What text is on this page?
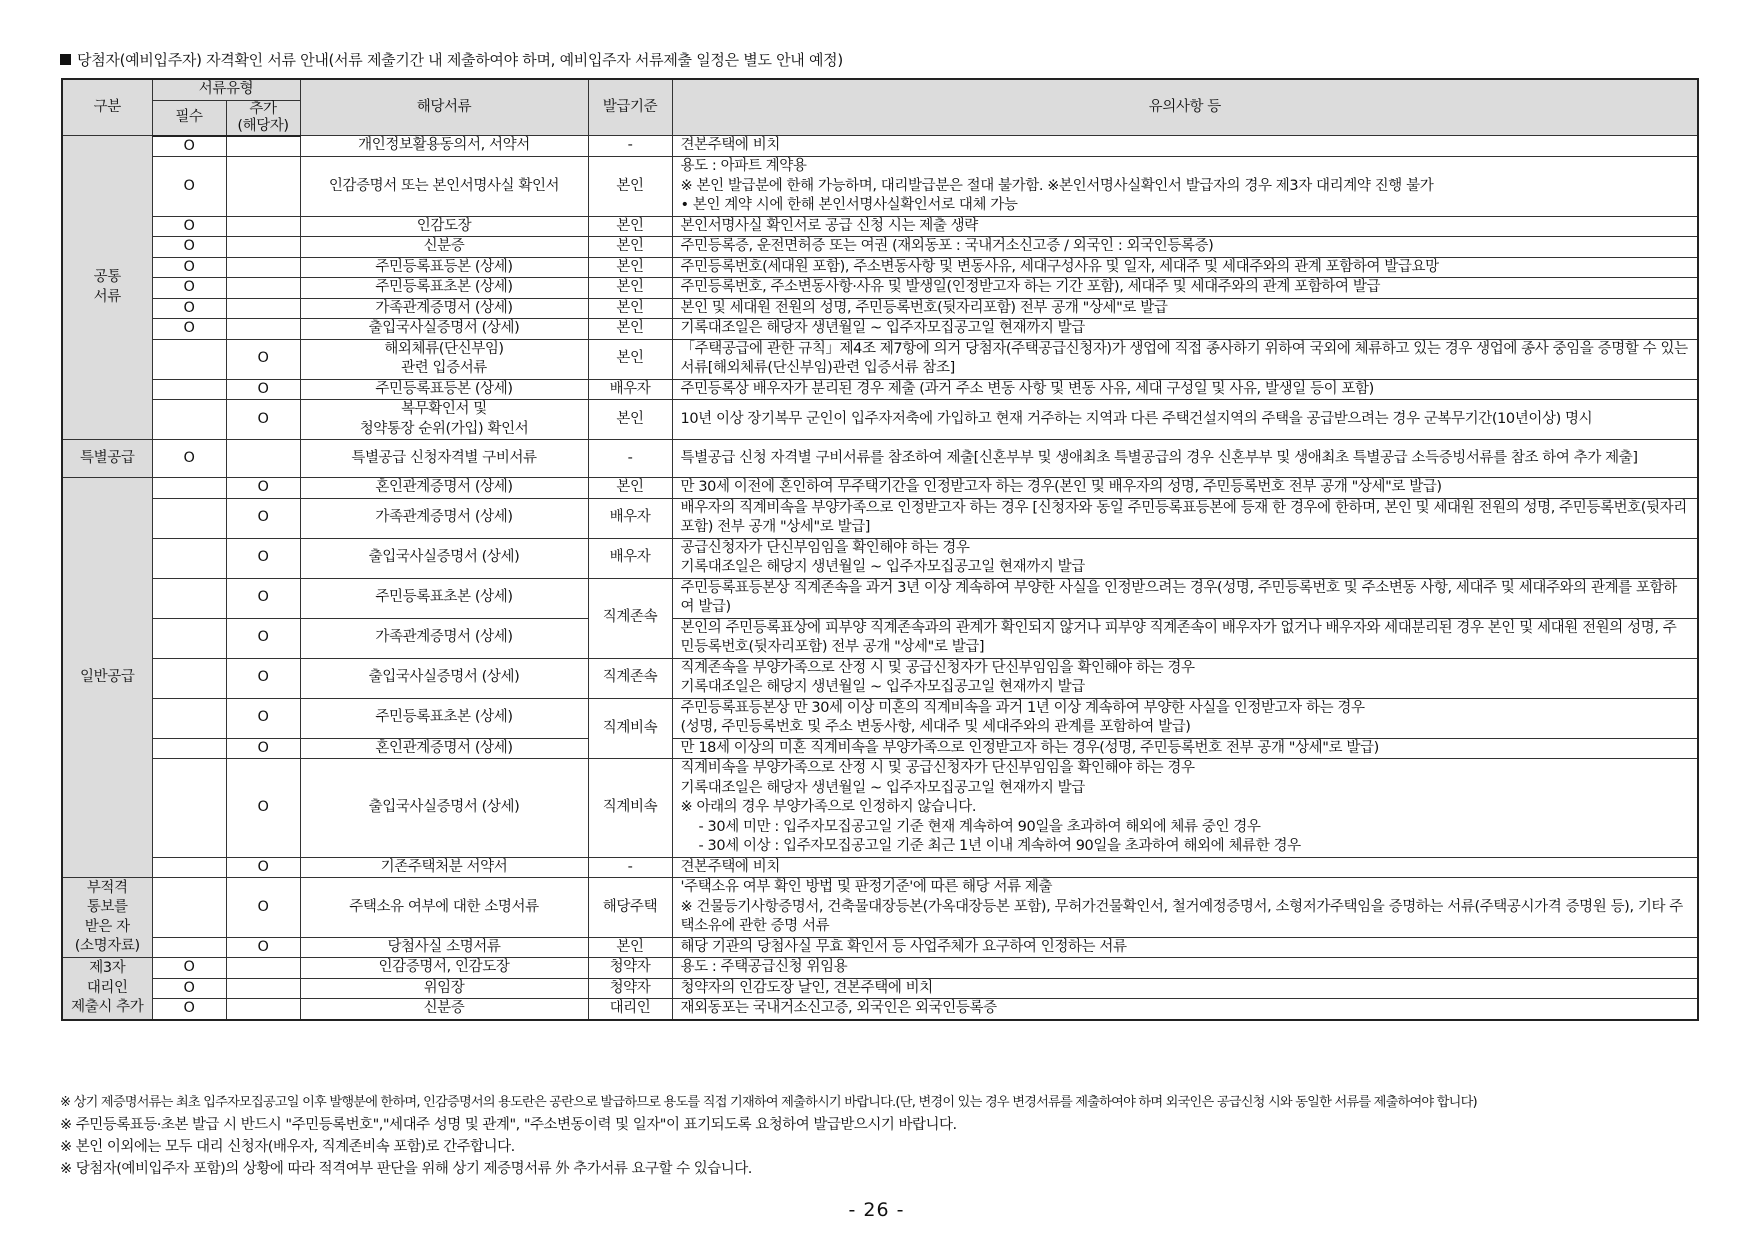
당첨자(예비입주자) 자격확인 서류 안내(서류 제출기간 내 제출하여야 하며, 예비입주자 서류제출 일정은 별도 안내 예정)
구분	서류유형		해당서류	발급기준	유의사항 등
	필수	추가
(해당자)			
공통
서류	O		개인정보활용동의서, 서약서	-	견본주택에 비치

	O		인감증명서 또는 본인서명사실 확인서	본인	용도 : 아파트 계약용
※ 본인 발급분에 한해 가능하며, 대리발급분은 절대 불가함. ※본인서명사실확인서 발급자의 경우 제3자 대리계약 진행 불가
• 본인 계약 시에 한해 본인서명사실확인서로 대체 가능

	O		인감도장	본인	본인서명사실 확인서로 공급 신청 시는 제출 생략

	O		신분증	본인	주민등록증, 운전면허증 또는 여권 (재외동포 : 국내거소신고증 / 외국인 : 외국인등록증)

	O		주민등록표등본 (상세)	본인	주민등록번호(세대원 포함), 주소변동사항 및 변동사유, 세대구성사유 및 일자, 세대주 및 세대주와의 관계 포함하여 발급요망

	O		주민등록표초본 (상세)	본인	주민등록번호, 주소변동사항·사유 및 발생일(인정받고자 하는 기간 포함), 세대주 및 세대주와의 관계 포함하여 발급

	O		가족관계증명서 (상세)	본인	본인 및 세대원 전원의 성명, 주민등록번호(뒷자리포함) 전부 공개 "상세"로 발급

	O		출입국사실증명서 (상세)	본인	기록대조일은 해당자 생년월일 ~ 입주자모집공고일 현재까지 발급

		O	해외체류(단신부임)
관련 입증서류	본인	「주택공급에 관한 규칙」제4조 제7항에 의거 당첨자(주택공급신청자)가 생업에 직접 종사하기 위하여 국외에 체류하고 있는 경우 생업에 종사 중임을 증명할 수 있는 서류[해외체류(단신부임)관련 입증서류 참조]

		O	주민등록표등본 (상세)	배우자	주민등록상 배우자가 분리된 경우 제출 (과거 주소 변동 사항 및 변동 사유, 세대 구성일 및 사유, 발생일 등이 포함)

		O	복무확인서 및
청약통장 순위(가입) 확인서	본인	10년 이상 장기복무 군인이 입주자저축에 가입하고 현재 거주하는 지역과 다른 주택건설지역의 주택을 공급받으려는 경우 군복무기간(10년이상) 명시

특별공급	O		특별공급 신청자격별 구비서류	-	특별공급 신청 자격별 구비서류를 참조하여 제출[신혼부부 및 생애최초 특별공급의 경우 신혼부부 및 생애최초 특별공급 소득증빙서류를 참조 하여 추가 제출]

일반공급		O	혼인관계증명서 (상세)	본인	만 30세 이전에 혼인하여 무주택기간을 인정받고자 하는 경우(본인 및 배우자의 성명, 주민등록번호 전부 공개 "상세"로 발급)

		O	가족관계증명서 (상세)	배우자	배우자의 직계비속을 부양가족으로 인정받고자 하는 경우 [신청자와 동일 주민등록표등본에 등재 한 경우에 한하며, 본인 및 세대원 전원의 성명, 주민등록번호(뒷자리포함) 전부 공개 "상세"로 발급]

		O	출입국사실증명서 (상세)	배우자	공급신청자가 단신부임임을 확인해야 하는 경우
기록대조일은 해당지 생년월일 ~ 입주자모집공고일 현재까지 발급

		O	주민등록표초본 (상세)	직계존속	주민등록표등본상 직계존속을 과거 3년 이상 계속하여 부양한 사실을 인정받으려는 경우(성명, 주민등록번호 및 주소변동 사항, 세대주 및 세대주와의 관계를 포함하여 발급)

		O	가족관계증명서 (상세)		본인의 주민등록표상에 피부양 직계존속과의 관계가 확인되지 않거나 피부양 직계존속이 배우자가 없거나 배우자와 세대분리된 경우 본인 및 세대원 전원의 성명, 주민등록번호(뒷자리포함) 전부 공개 "상세"로 발급]

		O	출입국사실증명서 (상세)	직계존속	직계존속을 부양가족으로 산정 시 및 공급신청자가 단신부임임을 확인해야 하는 경우
기록대조일은 해당지 생년월일 ~ 입주자모집공고일 현재까지 발급

		O	주민등록표초본 (상세)	직계비속	주민등록표등본상 만 30세 이상 미혼의 직계비속을 과거 1년 이상 계속하여 부양한 사실을 인정받고자 하는 경우
(성명, 주민등록번호 및 주소 변동사항, 세대주 및 세대주와의 관계를 포함하여 발급)

		O	혼인관계증명서 (상세)		만 18세 이상의 미혼 직계비속을 부양가족으로 인정받고자 하는 경우(성명, 주민등록번호 전부 공개 "상세"로 발급)

		O	출입국사실증명서 (상세)	직계비속	직계비속을 부양가족으로 산정 시 및 공급신청자가 단신부임임을 확인해야 하는 경우
기록대조일은 해당자 생년월일 ~ 입주자모집공고일 현재까지 발급
※ 아래의 경우 부양가족으로 인정하지 않습니다.
- 30세 미만 : 입주자모집공고일 기준 현재 계속하여 90일을 초과하여 해외에 체류 중인 경우
- 30세 이상 : 입주자모집공고일 기준 최근 1년 이내 계속하여 90일을 초과하여 해외에 체류한 경우

		O	기존주택처분 서약서	-	견본주택에 비치

부적격
통보를
받은 자
(소명자료)		O	주택소유 여부에 대한 소명서류	해당주택	'주택소유 여부 확인 방법 및 판정기준'에 따른 해당 서류 제출
※ 건물등기사항증명서, 건축물대장등본(가옥대장등본 포함), 무허가건물확인서, 철거예정증명서, 소형저가주택임을 증명하는 서류(주택공시가격 증명원 등), 기타 주택소유에 관한 증명 서류

		O	당첨사실 소명서류	본인	해당 기관의 당첨사실 무효 확인서 등 사업주체가 요구하여 인정하는 서류

제3자
대리인
제출시 추가	O		인감증명서, 인감도장	청약자	용도 : 주택공급신청 위임용

	O		위임장	청약자	청약자의 인감도장 날인, 견본주택에 비치

	O		신분증	대리인	재외동포는 국내거소신고증, 외국인은 외국인등록증
※ 상기 제증명서류는 최초 입주자모집공고일 이후 발행분에 한하며, 인감증명서의 용도란은 공란으로 발급하므로 용도를 직접 기재하여 제출하시기 바랍니다.(단, 변경이 있는 경우 변경서류를 제출하여야 하며 외국인은 공급신청 시와 동일한 서류를 제출하여야 합니다)
※ 주민등록표등·초본 발급 시 반드시 "주민등록번호","세대주 성명 및 관계", "주소변동이력 및 일자"이 표기되도록 요청하여 발급받으시기 바랍니다.
※ 본인 이외에는 모두 대리 신청자(배우자, 직계존비속 포함)로 간주합니다.
※ 당첨자(예비입주자 포함)의 상황에 따라 적격여부 판단을 위해 상기 제증명서류 外 추가서류 요구할 수 있습니다.
- 26 -
